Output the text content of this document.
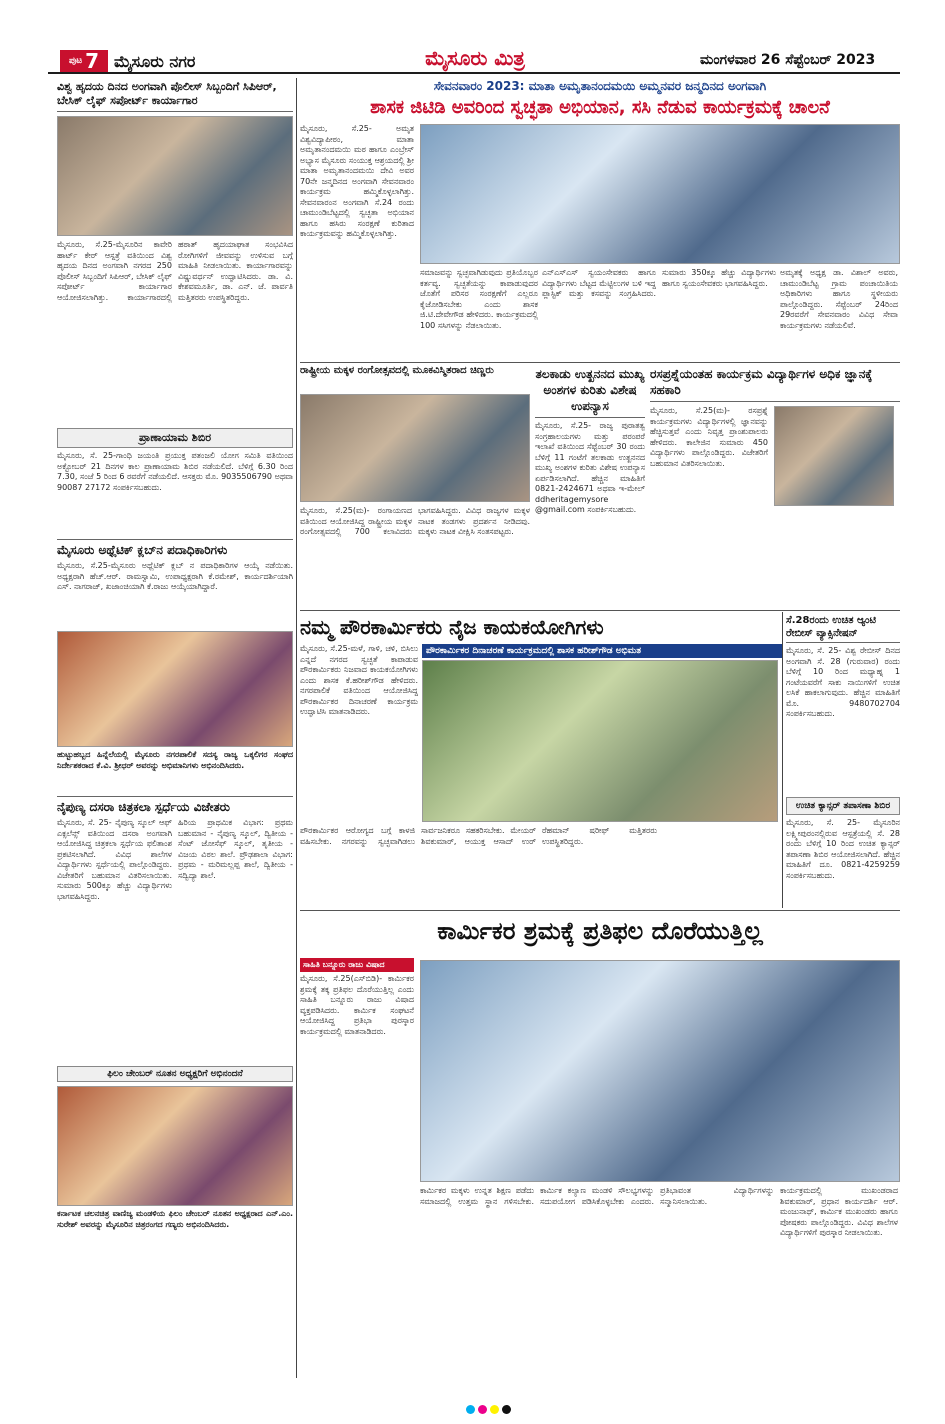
ಪುಟ 7 ಮೈಸೂರು ನಗರ	ಮೈಸೂರು ಮಿತ್ರ	ಮಂಗಳವಾರ 26 ಸೆಪ್ಟೆಂಬರ್ 2023
ವಿಶ್ವ ಹೃದಯ ದಿನದ ಅಂಗವಾಗಿ ಪೊಲೀಸ್ ಸಿಬ್ಬಂದಿಗೆ ಸಿಪಿಆರ್, ಬೇಸಿಕ್ ಲೈಫ್ ಸಪೋರ್ಟ್ ಕಾರ್ಯಾಗಾರ
ಮೈಸೂರು, ಸೆ.25-ಮೈಸೂರಿನ ಕಾವೇರಿ ಹಾರ್ಟ್ ಕೇರ್ ಆಸ್ಪತ್ರೆ ವತಿಯಿಂದ ವಿಶ್ವ ಹೃದಯ ದಿನದ ಅಂಗವಾಗಿ ನಗರದ 250 ಪೊಲೀಸ್ ಸಿಬ್ಬಂದಿಗೆ ಸಿಪಿಆರ್, ಬೇಸಿಕ್ ಲೈಫ್ ಸಪೋರ್ಟ್ ಕಾರ್ಯಾಗಾರ ಆಯೋಜಿಸಲಾಗಿತ್ತು. ಕಾರ್ಯಾಗಾರದಲ್ಲಿ ಹಠಾತ್ ಹೃದಯಾಘಾತ ಸಂಭವಿಸಿದ ರೋಗಿಗಳಿಗೆ ಜೀವವನ್ನು ಉಳಿಸುವ ಬಗ್ಗೆ ಮಾಹಿತಿ ನೀಡಲಾಯಿತು. ಕಾರ್ಯಾಗಾರವನ್ನು ವಿಷ್ಣುವರ್ಧನ್ ಉದ್ಘಾಟಿಸಿದರು. ಡಾ. ವಿ. ಕೇಶವಮೂರ್ತಿ, ಡಾ. ಎನ್. ಜೆ. ಪಾರ್ವತಿ ಮತ್ತಿತರರು ಉಪಸ್ಥಿತರಿದ್ದರು.
ಪ್ರಾಣಾಯಾಮ ಶಿಬಿರ
ಮೈಸೂರು, ಸೆ. 25-ಗಾಂಧಿ ಜಯಂತಿ ಪ್ರಯುಕ್ತ ಪತಂಜಲಿ ಯೋಗ ಸಮಿತಿ ವತಿಯಿಂದ ಅಕ್ಟೋಬರ್ 21 ದಿನಗಳ ಕಾಲ ಪ್ರಾಣಾಯಾಮ ಶಿಬಿರ ನಡೆಯಲಿದೆ. ಬೆಳಿಗ್ಗೆ 6.30 ರಿಂದ 7.30, ಸಂಜೆ 5 ರಿಂದ 6 ರವರೆಗೆ ನಡೆಯಲಿದೆ. ಆಸಕ್ತರು ಮೊ. 9035506790 ಅಥವಾ 90087 27172 ಸಂಪರ್ಕಿಸಬಹುದು.
ಮೈಸೂರು ಅಥ್ಲೆಟಿಕ್ ಕ್ಲಬ್‌ನ ಪದಾಧಿಕಾರಿಗಳು
ಮೈಸೂರು, ಸೆ.25-ಮೈಸೂರು ಅಥ್ಲೆಟಿಕ್ ಕ್ಲಬ್ ನ ಪದಾಧಿಕಾರಿಗಳ ಆಯ್ಕೆ ನಡೆಯಿತು. ಅಧ್ಯಕ್ಷರಾಗಿ ಹೆಚ್.ಆರ್. ರಾಮಸ್ವಾಮಿ, ಉಪಾಧ್ಯಕ್ಷರಾಗಿ ಕೆ.ರಮೇಶ್, ಕಾರ್ಯದರ್ಶಿಯಾಗಿ ಎಸ್. ನಾಗರಾಜ್, ಖಜಾಂಚಿಯಾಗಿ ಕೆ.ರಾಜು ಆಯ್ಕೆಯಾಗಿದ್ದಾರೆ.
ಹುಟ್ಟುಹಬ್ಬದ ಹಿನ್ನೆಲೆಯಲ್ಲಿ ಮೈಸೂರು ನಗರಪಾಲಿಕೆ ಸದಸ್ಯ ರಾಜ್ಯ ಒಕ್ಕಲಿಗರ ಸಂಘದ ನಿರ್ದೇಶಕರಾದ ಕೆ.ವಿ. ಶ್ರೀಧರ್ ಅವರನ್ನು ಅಭಿಮಾನಿಗಳು ಅಭಿನಂದಿಸಿದರು.
ನೈಪುಣ್ಯ ದಸರಾ ಚಿತ್ರಕಲಾ ಸ್ಪರ್ಧೆಯ ವಿಜೇತರು
ಮೈಸೂರು, ಸೆ. 25- ನೈಪುಣ್ಯ ಸ್ಕೂಲ್ ಆಫ್ ಎಕ್ಸಲೆನ್ಸ್ ವತಿಯಿಂದ ದಸರಾ ಅಂಗವಾಗಿ ಆಯೋಜಿಸಿದ್ದ ಚಿತ್ರಕಲಾ ಸ್ಪರ್ಧೆಯ ಫಲಿತಾಂಶ ಪ್ರಕಟಿಸಲಾಗಿದೆ. ವಿವಿಧ ಶಾಲೆಗಳ ವಿದ್ಯಾರ್ಥಿಗಳು ಸ್ಪರ್ಧೆಯಲ್ಲಿ ಪಾಲ್ಗೊಂಡಿದ್ದರು. ವಿಜೇತರಿಗೆ ಬಹುಮಾನ ವಿತರಿಸಲಾಯಿತು. ಸುಮಾರು 500ಕ್ಕೂ ಹೆಚ್ಚು ವಿದ್ಯಾರ್ಥಿಗಳು ಭಾಗವಹಿಸಿದ್ದರು.
ಹಿರಿಯ ಪ್ರಾಥಮಿಕ ವಿಭಾಗ: ಪ್ರಥಮ ಬಹುಮಾನ - ನೈಪುಣ್ಯ ಸ್ಕೂಲ್, ದ್ವಿತೀಯ - ಸೆಂಟ್ ಜೋಸೆಫ್ ಸ್ಕೂಲ್, ತೃತೀಯ - ವಿಜಯ ವಿಠಲ ಶಾಲೆ. ಪ್ರೌಢಶಾಲಾ ವಿಭಾಗ: ಪ್ರಥಮ - ಮರಿಮಲ್ಲಪ್ಪ ಶಾಲೆ, ದ್ವಿತೀಯ - ಸದ್ವಿದ್ಯಾ ಶಾಲೆ.
ಫಿಲಂ ಚೇಂಬರ್ ನೂತನ ಅಧ್ಯಕ್ಷರಿಗೆ ಅಭಿನಂದನೆ
ಕರ್ನಾಟಕ ಚಲನಚಿತ್ರ ವಾಣಿಜ್ಯ ಮಂಡಳಿಯ ಫಿಲಂ ಚೇಂಬರ್ ನೂತನ ಅಧ್ಯಕ್ಷರಾದ ಎನ್.ಎಂ. ಸುರೇಶ್ ಅವರನ್ನು ಮೈಸೂರಿನ ಚಿತ್ರರಂಗದ ಗಣ್ಯರು ಅಭಿನಂದಿಸಿದರು.
ಸೇವನವಾರಂ 2023: ಮಾತಾ ಅಮೃತಾನಂದಮಯಿ ಅಮ್ಮನವರ ಜನ್ಮದಿನದ ಅಂಗವಾಗಿ
ಶಾಸಕ ಜಿಟಿಡಿ ಅವರಿಂದ ಸ್ವಚ್ಛತಾ ಅಭಿಯಾನ, ಸಸಿ ನೆಡುವ ಕಾರ್ಯಕ್ರಮಕ್ಕೆ ಚಾಲನೆ
ಮೈಸೂರು, ಸೆ.25- ಅಮೃತ ವಿಶ್ವವಿದ್ಯಾಪೀಠಂ, ಮಾತಾ ಅಮೃತಾನಂದಮಯಿ ಮಠ ಹಾಗೂ ಎಂಬ್ರೇಸ್ ಅಭ್ಯಾಸ ಮೈಸೂರು ಸಂಯುಕ್ತ ಆಶ್ರಯದಲ್ಲಿ ಶ್ರೀ ಮಾತಾ ಅಮೃತಾನಂದಮಯಿ ದೇವಿ ಅವರ 70ನೇ ಜನ್ಮದಿನದ ಅಂಗವಾಗಿ ಸೇವನವಾರಂ ಕಾರ್ಯಕ್ರಮ ಹಮ್ಮಿಕೊಳ್ಳಲಾಗಿತ್ತು. ಸೇವನವಾರಂನ ಅಂಗವಾಗಿ ಸೆ.24 ರಂದು ಚಾಮುಂಡಿಬೆಟ್ಟದಲ್ಲಿ ಸ್ವಚ್ಛತಾ ಅಭಿಯಾನ ಹಾಗೂ ಹಸಿರು ಸಂರಕ್ಷಣೆ ಕುರಿತಾದ ಕಾರ್ಯಕ್ರಮವನ್ನು ಹಮ್ಮಿಕೊಳ್ಳಲಾಗಿತ್ತು.
ಸಮಾಜವನ್ನು ಸ್ವಚ್ಛವಾಗಿಡುವುದು ಪ್ರತಿಯೊಬ್ಬರ ಕರ್ತವ್ಯ. ಸ್ವಚ್ಛತೆಯನ್ನು ಕಾಪಾಡುವುದರ ಜೊತೆಗೆ ಪರಿಸರ ಸಂರಕ್ಷಣೆಗೆ ಎಲ್ಲರೂ ಕೈಜೋಡಿಸಬೇಕು ಎಂದು ಶಾಸಕ ಜಿ.ಟಿ.ದೇವೇಗೌಡ ಹೇಳಿದರು. ಕಾರ್ಯಕ್ರಮದಲ್ಲಿ 100 ಸಸಿಗಳನ್ನು ನೆಡಲಾಯಿತು.
ಎನ್‌ಎಸ್‌ಎಸ್ ಸ್ವಯಂಸೇವಕರು ಹಾಗೂ ವಿದ್ಯಾರ್ಥಿಗಳು ಬೆಟ್ಟದ ಮೆಟ್ಟಿಲುಗಳ ಬಳಿ ಇದ್ದ ಪ್ಲಾಸ್ಟಿಕ್ ಮತ್ತು ಕಸವನ್ನು ಸಂಗ್ರಹಿಸಿದರು. ಸುಮಾರು 350ಕ್ಕೂ ಹೆಚ್ಚು ವಿದ್ಯಾರ್ಥಿಗಳು ಹಾಗೂ ಸ್ವಯಂಸೇವಕರು ಭಾಗವಹಿಸಿದ್ದರು.
ಅಮೃತಕ್ಕೆ ಅಧ್ಯಕ್ಷ ಡಾ. ವಿಶಾಲ್ ಅವರು, ಚಾಮುಂಡಿಬೆಟ್ಟ ಗ್ರಾಮ ಪಂಚಾಯಿತಿಯ ಅಧಿಕಾರಿಗಳು ಹಾಗೂ ಸ್ಥಳೀಯರು ಪಾಲ್ಗೊಂಡಿದ್ದರು. ಸೆಪ್ಟೆಂಬರ್ 24ರಿಂದ 29ರವರೆಗೆ ಸೇವನವಾರಂ ವಿವಿಧ ಸೇವಾ ಕಾರ್ಯಕ್ರಮಗಳು ನಡೆಯಲಿವೆ.
ರಾಷ್ಟ್ರೀಯ ಮಕ್ಕಳ ರಂಗೋತ್ಸವದಲ್ಲಿ ಮೂಕವಿಸ್ಮಿತರಾದ ಚಿಣ್ಣರು
ಮೈಸೂರು, ಸೆ.25(ಮ)- ರಂಗಾಯಣದ ವತಿಯಿಂದ ಆಯೋಜಿಸಿದ್ದ ರಾಷ್ಟ್ರೀಯ ಮಕ್ಕಳ ರಂಗೋತ್ಸವದಲ್ಲಿ 700 ಕಲಾವಿದರು ಭಾಗವಹಿಸಿದ್ದರು. ವಿವಿಧ ರಾಜ್ಯಗಳ ಮಕ್ಕಳ ನಾಟಕ ತಂಡಗಳು ಪ್ರದರ್ಶನ ನೀಡಿದವು. ಮಕ್ಕಳು ನಾಟಕ ವೀಕ್ಷಿಸಿ ಸಂತಸಪಟ್ಟರು.
ತಲಕಾಡು ಉತ್ಖನನದ ಮುಖ್ಯ ಅಂಶಗಳ ಕುರಿತು ವಿಶೇಷ ಉಪನ್ಯಾಸ
ಮೈಸೂರು, ಸೆ.25- ರಾಜ್ಯ ಪುರಾತತ್ವ ಸಂಗ್ರಹಾಲಯಗಳು ಮತ್ತು ಪರಂಪರೆ ಇಲಾಖೆ ವತಿಯಿಂದ ಸೆಪ್ಟೆಂಬರ್ 30 ರಂದು ಬೆಳಿಗ್ಗೆ 11 ಗಂಟೆಗೆ ತಲಕಾಡು ಉತ್ಖನನದ ಮುಖ್ಯ ಅಂಶಗಳ ಕುರಿತು ವಿಶೇಷ ಉಪನ್ಯಾಸ ಏರ್ಪಡಿಸಲಾಗಿದೆ. ಹೆಚ್ಚಿನ ಮಾಹಿತಿಗೆ 0821-2424671 ಅಥವಾ ಇ-ಮೇಲ್ ddheritagemysore @gmail.com ಸಂಪರ್ಕಿಸಬಹುದು.
ರಸಪ್ರಶ್ನೆಯಂತಹ ಕಾರ್ಯಕ್ರಮ ವಿದ್ಯಾರ್ಥಿಗಳ ಅಧಿಕ ಜ್ಞಾನಕ್ಕೆ ಸಹಕಾರಿ
ಮೈಸೂರು, ಸೆ.25(ಮ)- ರಸಪ್ರಶ್ನೆ ಕಾರ್ಯಕ್ರಮಗಳು ವಿದ್ಯಾರ್ಥಿಗಳಲ್ಲಿ ಜ್ಞಾನವನ್ನು ಹೆಚ್ಚಿಸುತ್ತವೆ ಎಂದು ನಿವೃತ್ತ ಪ್ರಾಂಶುಪಾಲರು ಹೇಳಿದರು. ಕಾಲೇಜಿನ ಸುಮಾರು 450 ವಿದ್ಯಾರ್ಥಿಗಳು ಪಾಲ್ಗೊಂಡಿದ್ದರು. ವಿಜೇತರಿಗೆ ಬಹುಮಾನ ವಿತರಿಸಲಾಯಿತು.
ನಮ್ಮ ಪೌರಕಾರ್ಮಿಕರು ನೈಜ ಕಾಯಕಯೋಗಿಗಳು
ಮೈಸೂರು, ಸೆ.25-ಮಳೆ, ಗಾಳಿ, ಚಳಿ, ಬಿಸಿಲು ಎನ್ನದೆ ನಗರದ ಸ್ವಚ್ಛತೆ ಕಾಪಾಡುವ ಪೌರಕಾರ್ಮಿಕರು ನಿಜವಾದ ಕಾಯಕಯೋಗಿಗಳು ಎಂದು ಶಾಸಕ ಕೆ.ಹರೀಶ್‌ಗೌಡ ಹೇಳಿದರು. ನಗರಪಾಲಿಕೆ ವತಿಯಿಂದ ಆಯೋಜಿಸಿದ್ದ ಪೌರಕಾರ್ಮಿಕರ ದಿನಾಚರಣೆ ಕಾರ್ಯಕ್ರಮ ಉದ್ಘಾಟಿಸಿ ಮಾತನಾಡಿದರು.
ಪೌರಕಾರ್ಮಿಕರ ದಿನಾಚರಣೆ ಕಾರ್ಯಕ್ರಮದಲ್ಲಿ ಶಾಸಕ ಹರೀಶ್‌ಗೌಡ ಅಭಿಮತ
ಪೌರಕಾರ್ಮಿಕರ ಆರೋಗ್ಯದ ಬಗ್ಗೆ ಕಾಳಜಿ ವಹಿಸಬೇಕು. ನಗರವನ್ನು ಸ್ವಚ್ಛವಾಗಿಡಲು ಸಾರ್ವಜನಿಕರೂ ಸಹಕರಿಸಬೇಕು. ಮೇಯರ್ ಶಿವಕುಮಾರ್, ಆಯುಕ್ತ ಆಸಾದ್ ಉರ್ ರೆಹಮಾನ್ ಷರೀಫ್ ಮತ್ತಿತರರು ಉಪಸ್ಥಿತರಿದ್ದರು.
ಸೆ.28ರಂದು ಉಚಿತ ಆ್ಯಂಟಿ ರೇಬೀಸ್ ವ್ಯಾಕ್ಸಿನೇಷನ್
ಮೈಸೂರು, ಸೆ. 25- ವಿಶ್ವ ರೇಬೀಸ್ ದಿನದ ಅಂಗವಾಗಿ ಸೆ. 28 (ಗುರುವಾರ) ರಂದು ಬೆಳಿಗ್ಗೆ 10 ರಿಂದ ಮಧ್ಯಾಹ್ನ 1 ಗಂಟೆಯವರೆಗೆ ಸಾಕು ನಾಯಿಗಳಿಗೆ ಉಚಿತ ಲಸಿಕೆ ಹಾಕಲಾಗುವುದು. ಹೆಚ್ಚಿನ ಮಾಹಿತಿಗೆ ಮೊ. 9480702704 ಸಂಪರ್ಕಿಸಬಹುದು.
ಉಚಿತ ಕ್ಯಾನ್ಸರ್ ತಪಾಸಣಾ ಶಿಬಿರ
ಮೈಸೂರು, ಸೆ. 25- ಮೈಸೂರಿನ ಲಕ್ಷ್ಮೀಪುರಂನಲ್ಲಿರುವ ಆಸ್ಪತ್ರೆಯಲ್ಲಿ ಸೆ. 28 ರಂದು ಬೆಳಿಗ್ಗೆ 10 ರಿಂದ ಉಚಿತ ಕ್ಯಾನ್ಸರ್ ತಪಾಸಣಾ ಶಿಬಿರ ಆಯೋಜಿಸಲಾಗಿದೆ. ಹೆಚ್ಚಿನ ಮಾಹಿತಿಗೆ ದೂ. 0821-4259259 ಸಂಪರ್ಕಿಸಬಹುದು.
ಕಾರ್ಮಿಕರ ಶ್ರಮಕ್ಕೆ ಪ್ರತಿಫಲ ದೊರೆಯುತ್ತಿಲ್ಲ
ಸಾಹಿತಿ ಬನ್ನೂರು ರಾಜು ವಿಷಾದ
ಮೈಸೂರು, ಸೆ.25(ಎಸ್‌ಬಿಡಿ)- ಕಾರ್ಮಿಕರ ಶ್ರಮಕ್ಕೆ ತಕ್ಕ ಪ್ರತಿಫಲ ದೊರೆಯುತ್ತಿಲ್ಲ ಎಂದು ಸಾಹಿತಿ ಬನ್ನೂರು ರಾಜು ವಿಷಾದ ವ್ಯಕ್ತಪಡಿಸಿದರು. ಕಾರ್ಮಿಕ ಸಂಘಟನೆ ಆಯೋಜಿಸಿದ್ದ ಪ್ರತಿಭಾ ಪುರಸ್ಕಾರ ಕಾರ್ಯಕ್ರಮದಲ್ಲಿ ಮಾತನಾಡಿದರು.
ಕಾರ್ಮಿಕರ ಮಕ್ಕಳು ಉನ್ನತ ಶಿಕ್ಷಣ ಪಡೆದು ಸಮಾಜದಲ್ಲಿ ಉತ್ತಮ ಸ್ಥಾನ ಗಳಿಸಬೇಕು. ಕಾರ್ಮಿಕ ಕಲ್ಯಾಣ ಮಂಡಳಿ ಸೌಲಭ್ಯಗಳನ್ನು ಸದುಪಯೋಗ ಪಡಿಸಿಕೊಳ್ಳಬೇಕು ಎಂದರು. ಪ್ರತಿಭಾವಂತ ವಿದ್ಯಾರ್ಥಿಗಳನ್ನು ಸನ್ಮಾನಿಸಲಾಯಿತು.
ಕಾರ್ಯಕ್ರಮದಲ್ಲಿ ಮುಖಂಡರಾದ ಶಿವಕುಮಾರ್, ಪ್ರಧಾನ ಕಾರ್ಯದರ್ಶಿ ಆರ್. ಮಂಜುನಾಥ್, ಕಾರ್ಮಿಕ ಮುಖಂಡರು ಹಾಗೂ ಪೋಷಕರು ಪಾಲ್ಗೊಂಡಿದ್ದರು. ವಿವಿಧ ಶಾಲೆಗಳ ವಿದ್ಯಾರ್ಥಿಗಳಿಗೆ ಪುರಸ್ಕಾರ ನೀಡಲಾಯಿತು.
